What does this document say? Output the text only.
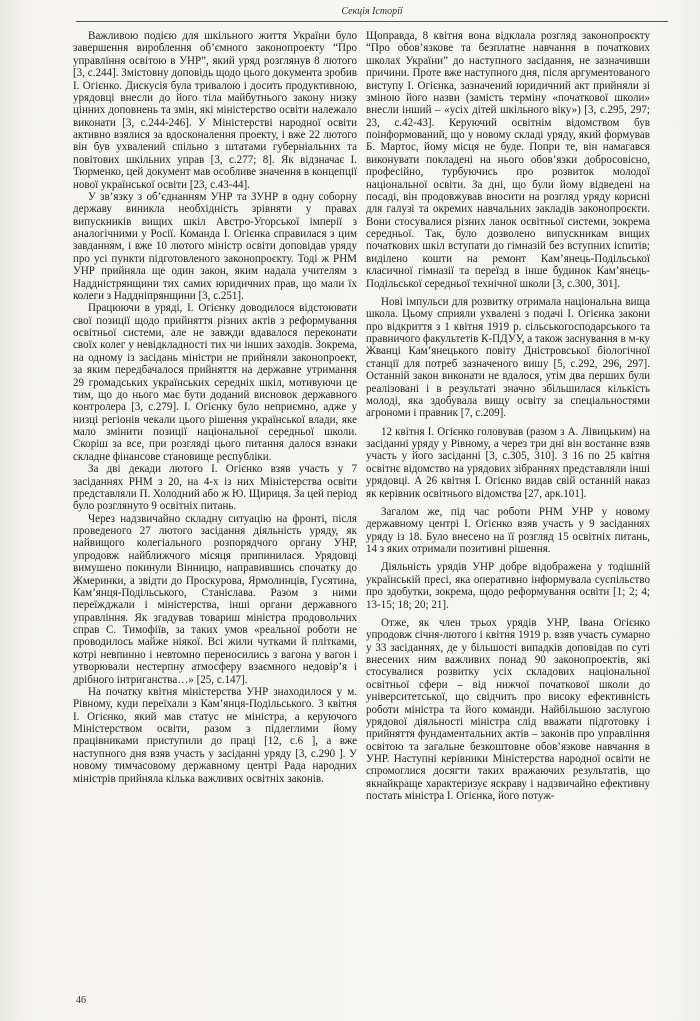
Секція Історії

Важливою подією для шкільного життя України було завершення вироблення об’ємного законопроекту “Про управління освітою в УНР”, який уряд розглянув 8 лютого [3, с.244]. Змістовну доповідь щодо цього документа зробив І. Огієнко. Дискусія була тривалою і досить продуктивною, урядовці внесли до його тіла майбутнього закону низку цінних доповнень та змін, які міністерство освіти належало виконати [3, с.244-246]. У Міністерстві народної освіти активно взялися за вдосконалення проекту, і вже 22 лютого він був ухвалений спільно з штатами губернiальних та повітових шкільних управ [3, с.277; 8]. Як відзначає І. Тюрменко, цей документ мав особливе значення в концепції нової української освіти [23, с.43-44].

У зв’язку з об’єднанням УНР та ЗУНР в одну соборну державу виникла необхідність зрівняти у правах випускників вищих шкіл Австро-Угорської імперії з аналогічними у Росії. Команда І. Огієнка справилася з цим завданням, і вже 10 лютого міністр освіти доповідав уряду про усі пункти підготовленого законопроєкту. Тоді ж РНМ УНР прийняла ще один закон, яким надала учителям з Наддністрянщини тих самих юридичних прав, що мали їх колеги з Наддніпрянщини [3, с.251].

Працюючи в уряді, І. Огієнку доводилося відстоювати свої позиції щодо прийняття різних актів з реформування освітньої системи, але не завжди вдавалося переконати своїх колег у невідкладності тих чи інших заходів. Зокрема, на одному із засідань міністри не прийняли законопроект, за яким передбачалося прийняття на державне утримання 29 громадських українських середніх шкіл, мотивуючи це тим, що до нього має бути доданий висновок державного контролера [3, с.279]. І. Огієнку було неприємно, адже у низці регіонів чекали цього рішення української влади, яке мало змінити позиції національної середньої школи. Скоріш за все, при розгляді цього питання далося взнаки складне фінансове становище республіки.

За дві декади лютого І. Огієнко взяв участь у 7 засіданнях РНМ з 20, на 4-х із них Міністерства освіти представляли П. Холодний або ж Ю. Щириця. За цей період було розглянуто 9 освітніх питань.

Через надзвичайно складну ситуацію на фронті, після проведеного 27 лютого засідання діяльність уряду, як найвищого колегіального розпорядчого органу УНР, упродовж найближчого місяця припинилася. Урядовці вимушено покинули Вінницю, направившись спочатку до Жмеринки, а звідти до Проскурова, Ярмолинців, Гусятина, Кам’янця-Подільського, Станіслава. Разом з ними переїжджали і міністерства, інші органи державного управління. Як згадував товариш міністра продовольчих справ С. Тимофіїв, за таких умов «реальної роботи не проводилось майже ніякої. Всі жили чутками й плітками, котрі невпинно і невтомно переносились з вагона у вагон і утворювали нестерпну атмосферу взаємного недовір’я і дрібного інтриганства…» [25, с.147].

На початку квітня міністерства УНР знаходилося у м. Рівному, куди переїхали з Кам’янця-Подільського. 3 квітня І. Огієнко, який мав статус не міністра, а керуючого Міністерством освіти, разом з підлеглими йому працівниками приступили до праці [12, с.6 ], а вже наступного дня взяв участь у засіданні уряду [3, с.290 ]. У новому тимчасовому державному центрі Рада народних міністрів прийняла кілька важливих освітніх законів.

Щоправда, 8 квітня вона відклала розгляд законопроєкту “Про обов’язкове та безплатне навчання в початкових школах України” до наступного засідання, не зазначивши причини. Проте вже наступного дня, після аргументованого виступу І. Огієнка, зазначений юридичний акт прийняли зі зміною його назви (замість терміну «початкової школи» внесли інший – «усіх дітей шкільного віку») [3, с.295, 297; 23, с.42-43]. Керуючий освітнім відомством був поінформований, що у новому складі уряду, який формував Б. Мартос, йому місця не буде. Попри те, він намагався виконувати покладені на нього обов’язки добросовісно, професійно, турбуючись про розвиток молодої національної освіти. За дні, що були йому відведені на посаді, він продовжував вносити на розгляд уряду корисні для галузі та окремих навчальних закладів законопроєкти. Вони стосувалися різних ланок освітньої системи, зокрема середньої. Так, було дозволено випускникам вищих початкових шкіл вступати до гімназій без вступних іспитів; виділено кошти на ремонт Кам’янець-Подільської класичної гімназії та переїзд в інше будинок Кам’янець-Подільської середньої технічної школи [3, с.300, 301].

Нові імпульси для розвитку отримала національна вища школа. Цьому сприяли ухвалені з подачі І. Огієнка закони про відкриття з 1 квітня 1919 р. сільськогосподарського та правничого факультетів К-ПДУУ, а також заснування в м-ку Жванці Кам’янецького повіту Дністровської біологічної станції для потреб зазначеного вишу [5, с.292, 296, 297]. Останній закон виконати не вдалося, утім два перших були реалізовані і в результаті значно збільшилася кількість молоді, яка здобувала вищу освіту за спеціальностями агрономи і правник [7, с.209].

12 квітня І. Огієнко головував (разом з А. Лівицьким) на засіданні уряду у Рівному, а через три дні він востаннє взяв участь у його засіданні [3, с.305, 310]. З 16 по 25 квітня освітнє відомство на урядових зібраннях представляли інші урядовці. А 26 квітня І. Огієнко видав свій останній наказ як керівник освітнього відомства [27, арк.101].

Загалом же, під час роботи РНМ УНР у новому державному центрі І. Огієнко взяв участь у 9 засіданнях уряду із 18. Було внесено на її розгляд 15 освітніх питань, 14 з яких отримали позитивні рішення.

Діяльність урядів УНР добре відображена у тодішній українській пресі, яка оперативно інформувала суспільство про здобутки, зокрема, щодо реформування освіти [1; 2; 4; 13-15; 18; 20; 21].

Отже, як член трьох урядів УНР, Івана Огієнко упродовж січня-лютого і квітня 1919 р. взяв участь сумарно у 33 засіданнях, де у більшості випадків доповідав по суті внесених ним важливих понад 90 законопроектів, які стосувалися розвитку усіх складових національної освітньої сфери – від нижчої початкової школи до університетської, що свідчить про високу ефективність роботи міністра та його команди. Найбільшою заслугою урядової діяльності міністра слід вважати підготовку і прийняття фундаментальних актів – законів про управління освітою та загальне безкоштовне обов’язкове навчання в УНР. Наступні керівники Міністерства народної освіти не спромоглися досягти таких вражаючих результатів, що якнайкраще характеризує яскраву і надзвичайно ефективну постать міністра І. Огієнка, його потуж-

46
